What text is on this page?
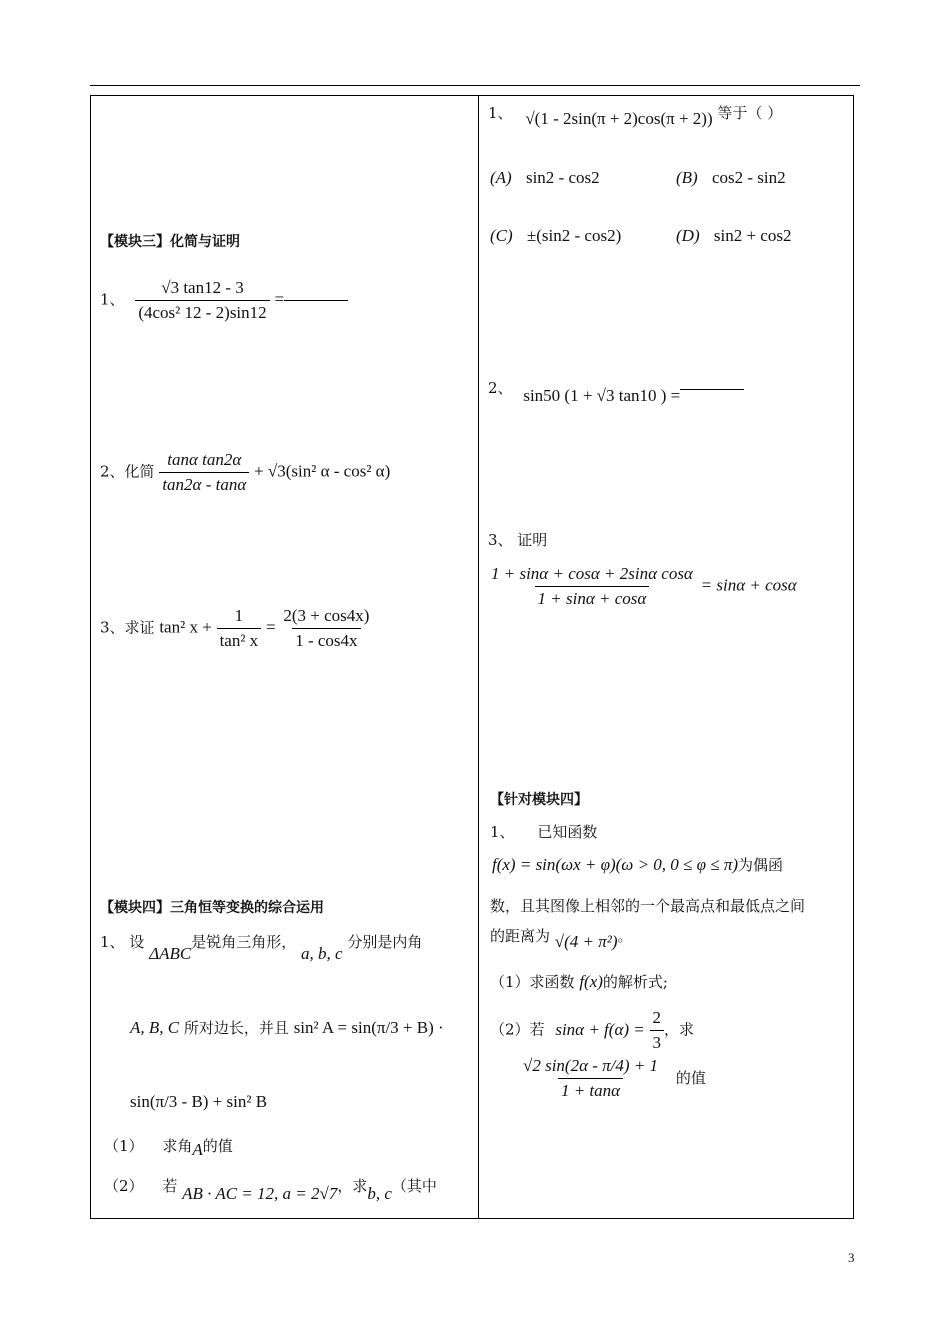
【模块三】化简与证明
1、 $\frac{√3 \tan 12 - 3}{\text{(4cos² 12 - 2)sin12}}$ =
2、化简 $\frac{\text{tanα tan2α}}{\tan 2\alpha - \tan\alpha} + √3(\sin^2$ α - cos² α)
3、求证 tan² $x + \frac{1}{\text{tan² x}} = \frac{2(3 + \cos 4x)}{1 - \cos 4x}$
【模块四】三角恒等变换的综合运用
1、 设 ΔABC是锐角三角形， a, b, c 分别是内角
A, B, C 所对边长，并且 sin² A = sin(π/3 + B) ·
sin(π/3 - B) + sin² B
（1） 求角A的值
（2） 若 AB · AC = 12, a = 2√7，求b, c（其中
1、 √(1 - 2sin(π + 2)cos(π + 2)) 等于（ ）
(A) sin2 - cos2	(B) cos2 - sin2
(C) ±(sin2 - cos2)	(D) sin2 + cos2
2、 sin50 (1 + √3 tan10 ) =
3、 证明
$\frac{\text{1 + sinα + cosα + 2sinα cosα}}{1 + \sin\alpha + \cos\alpha} = \sin\alpha + \cos\alpha$
【针对模块四】
1、 已知函数
f(x) = sin(ωx + φ)(ω > 0, 0 ≤ φ ≤ π)为偶函
数，且其图像上相邻的一个最高点和最低点之间
的距离为 √(4 + π²)。
（1）求函数 f(x)的解析式;
（2）若 $\sin\alpha + f(\alpha) = \frac{2}{3}$ ，求
$\frac{√2 \sin(2\alpha - \pi/4) + 1}{1 + \tan\alpha}$ 的值
3
